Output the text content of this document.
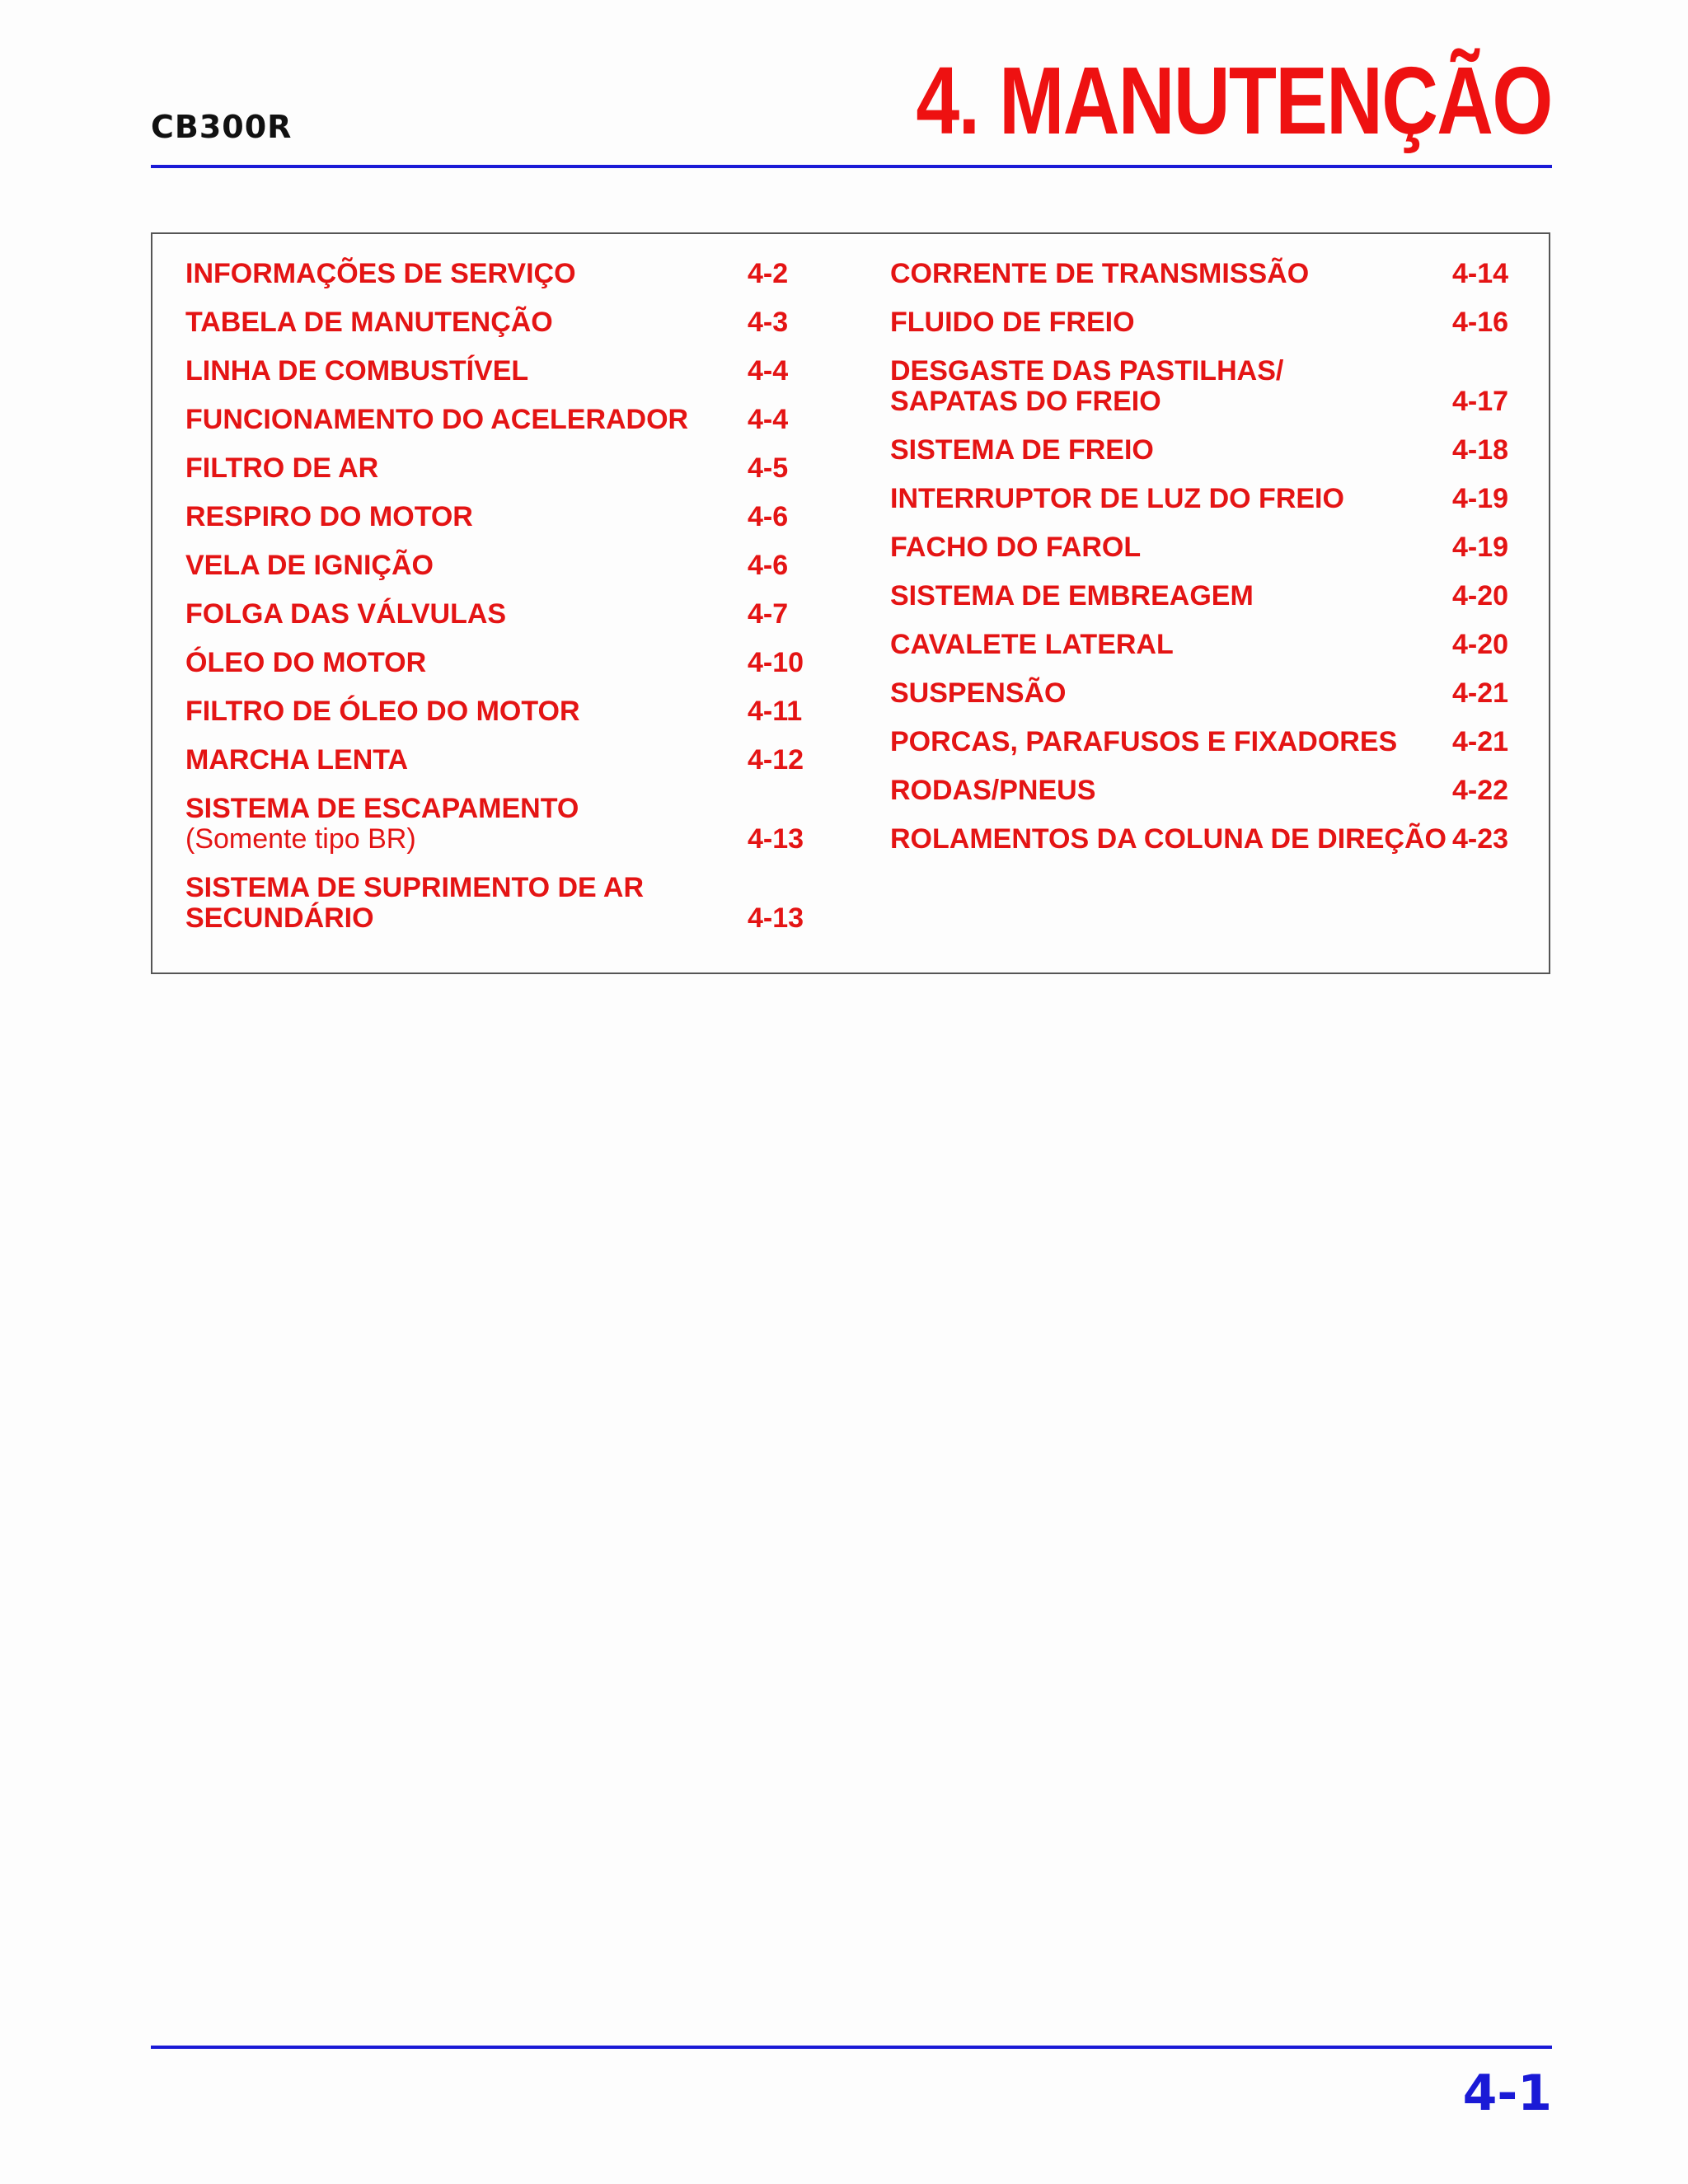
CB300R	4. MANUTENÇÃO
INFORMAÇÕES DE SERVIÇO	4-2
TABELA DE MANUTENÇÃO	4-3
LINHA DE COMBUSTÍVEL	4-4
FUNCIONAMENTO DO ACELERADOR	4-4
FILTRO DE AR	4-5
RESPIRO DO MOTOR	4-6
VELA DE IGNIÇÃO	4-6
FOLGA DAS VÁLVULAS	4-7
ÓLEO DO MOTOR	4-10
FILTRO DE ÓLEO DO MOTOR	4-11
MARCHA LENTA	4-12
SISTEMA DE ESCAPAMENTO
(Somente tipo BR)	4-13
SISTEMA DE SUPRIMENTO DE AR
SECUNDÁRIO	4-13
CORRENTE DE TRANSMISSÃO	4-14
FLUIDO DE FREIO	4-16
DESGASTE DAS PASTILHAS/
SAPATAS DO FREIO	4-17
SISTEMA DE FREIO	4-18
INTERRUPTOR DE LUZ DO FREIO	4-19
FACHO DO FAROL	4-19
SISTEMA DE EMBREAGEM	4-20
CAVALETE LATERAL	4-20
SUSPENSÃO	4-21
PORCAS, PARAFUSOS E FIXADORES	4-21
RODAS/PNEUS	4-22
ROLAMENTOS DA COLUNA DE DIREÇÃO 4-23
4-1
